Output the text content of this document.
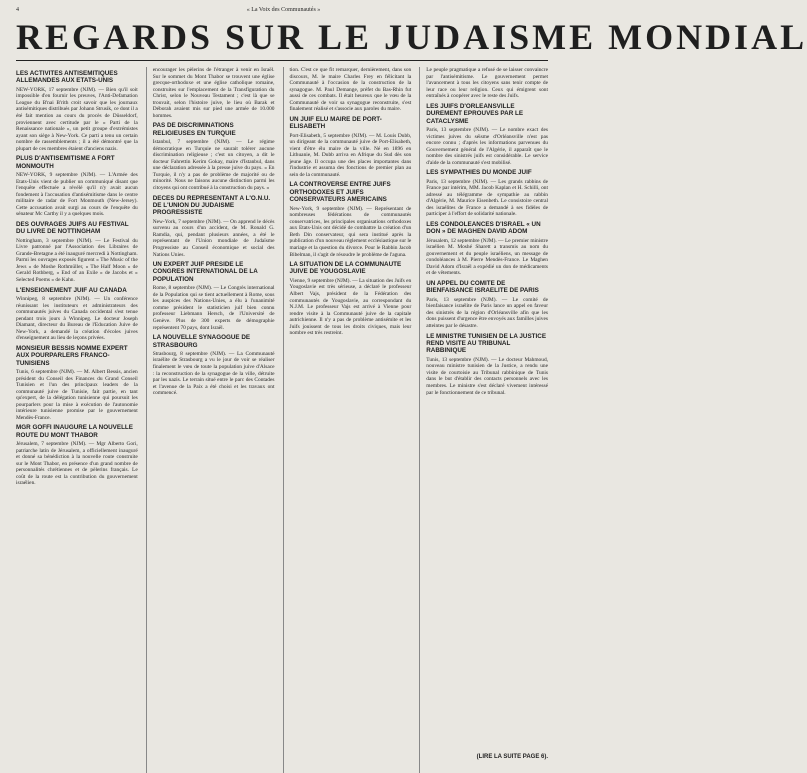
4	« La Voix des Communautés »
REGARDS SUR LE JUDAISME MONDIAL
LES ACTIVITES ANTISEMITIQUES ALLEMANDES AUX ETATS-UNIS

NEW-YORK, 17 septembre (NJM). — Bien qu'il soit impossible d'en fournir les preuves, l'Anti-Defamation League du B'nai B'rith croit savoir que les journaux antisémitiques distribués par Johann Strusik, ce dont il a été fait mention au cours du procès de Düsseldorf, proviennent avec certitude par le « Parti de la Renaissance nationale », un petit groupe d'extrémistes ayant son siège à New-York. Ce parti a tenu un certain nombre de rassemblements ; il a été démontré que la plupart de ces membres étaient d'anciens nazis.

PLUS D'ANTISEMITISME A FORT MONMOUTH

NEW-YORK, 9 septembre (NJM). — L'Armée des Etats-Unis vient de publier un communiqué disant que l'enquête effectuée a révélé qu'il n'y avait aucun fondement à l'accusation d'antisémitisme dans le centre militaire de radar de Fort Monmouth (New-Jersey). Cette accusation avait surgi au cours de l'enquête du sénateur Mc Carthy il y a quelques mois.

DES OUVRAGES JUIFS AU FESTIVAL DU LIVRE DE NOTTINGHAM

Nottingham, 3 septembre (NJM). — Le Festival du Livre patronné par l'Association des Libraires de Grande-Bretagne a été inauguré mercredi à Nottingham. Parmi les ouvrages exposés figurent « The Music of the Jews » de Moshe Rothmüller, « The Half Moon » de Gerald Rothberg, « End of an Exile » de Jacobs et « Selected Poems » de Kahn.

L'ENSEIGNEMENT JUIF AU CANADA

Winnipeg, 8 septembre (NJM). — Un conférence réunissant les instituteurs et administrateurs des communautés juives du Canada occidental s'est tenue pendant trois jours à Winnipeg. Le docteur Joseph Diamant, directeur du Bureau de l'Education Juive de New-York, a demandé la création d'écoles juives d'enseignement au lieu de leçons privées.

MONSIEUR BESSIS NOMME EXPERT AUX POURPARLERS FRANCO-TUNISIENS

Tunis, 6 septembre (NJM). — M. Albert Bessis, ancien président du Conseil des Finances du Grand Conseil Tunisien et l'un des principaux leaders de la communauté juive de Tunisie, fait partie, en tant qu'expert, de la délégation tunisienne qui poursuit les pourparlers pour la mise à exécution de l'autonomie intérieure tunisienne promise par le gouvernement Mendès-France.

MGR GOFFI INAUGURE LA NOUVELLE ROUTE DU MONT THABOR

Jérusalem, 7 septembre (NJM). — Mgr Alberto Gori, patriarche latin de Jérusalem, a officiellement inauguré et donné sa bénédiction à la nouvelle route construite sur le Mont Thabor, en présence d'un grand nombre de personnalités chrétiennes et de pèlerins français. Le coût de la route est la contribution du gouvernement israélien.

encourager les pèlerins de l'étranger à venir en Israël. Sur le sommet du Mont Thabor se trouvent une église grecque-orthodoxe et une église catholique romaine, construites sur l'emplacement de la Transfiguration du Christ, selon le Nouveau Testament ; c'est là que se trouvait, selon l'histoire juive, le lieu où Barak et Déborah avaient mis sur pied une armée de 10.000 hommes.

PAS DE DISCRIMINATIONS RELIGIEUSES EN TURQUIE

Istanbul, 7 septembre (NJM). — Le régime démocratique en Turquie ne saurait tolérer aucune discrimination religieuse ; c'est un citoyen, a dit le docteur Fahrettin Kerim Gokay, maire d'Istanbul, dans une déclaration adressée à la presse juive du pays. « En Turquie, il n'y a pas de problème de majorité ou de minorité. Nous ne faisons aucune distinction parmi les citoyens qui ont contribué à la construction du pays. »

DECES DU REPRESENTANT A L'O.N.U. DE L'UNION DU JUDAISME PROGRESSISTE

New-York, 7 septembre (NJM). — On apprend le décès survenu au cours d'un accident, de M. Ronald G. Ramdia, qui, pendant plusieurs années, a été le représentant de l'Union mondiale de Judaïsme Progressiste au Conseil économique et social des Nations Unies.

UN EXPERT JUIF PRESIDE LE CONGRES INTERNATIONAL DE LA POPULATION

Rome, 8 septembre (NJM). — Le Congrès international de la Population qui se tient actuellement à Rome, sous les auspices des Nations-Unies, a élu à l'unanimité comme président le statisticien juif bien connu professeur Liebmann Hersch, de l'Université de Genève. Plus de 300 experts de démographie représentent 70 pays, dont Israël.

LA NOUVELLE SYNAGOGUE DE STRASBOURG

Strasbourg, 8 septembre (NJM). — La Communauté israélite de Strasbourg a vu le jour de voir se réaliser finalement le vœu de toute la population juive d'Alsace : la reconstruction de la synagogue de la ville, détruite par les nazis. Le terrain situé entre le parc des Contades et l'avenue de la Paix a été choisi et les travaux ont commencé.

tion. C'est ce que fit remarquer, dernièrement, dans son discours, M. le maire Charles Frey en félicitant la Communauté à l'occasion de la construction de la synagogue. M. Paul Demange, préfet du Bas-Rhin fut aussi de ces combats. Il était heureux que le vœu de la Communauté de voir sa synagogue reconstruite, s'est finalement réalisé et s'associe aux paroles du maire.

UN JUIF ELU MAIRE DE PORT-ELISABETH

Port-Elisabeth, 5 septembre (NJM). — M. Louis Dubb, un dirigeant de la communauté juive de Port-Elisabeth, vient d'être élu maire de la ville. Né en 1896 en Lithuanie, M. Dubb arriva en Afrique du Sud dès son jeune âge. Il occupa une des places importantes dans l'industrie et assuma des fonctions de premier plan au sein de la communauté.

LA CONTROVERSE ENTRE JUIFS ORTHODOXES ET JUIFS CONSERVATEURS AMERICAINS

New-York, 9 septembre (NJM). — Représentant de nombreuses fédérations de communautés conservatrices, les principales organisations orthodoxes aux Etats-Unis ont décidé de combattre la création d'un Beth Din conservateur, qui sera institué après la publication d'un nouveau règlement ecclésiastique sur le mariage et la question du divorce. Pour le Rabbin Jacob Bibelman, il s'agit de résoudre le problème de l'aguna.

LA SITUATION DE LA COMMUNAUTE JUIVE DE YOUGOSLAVIE

Vienne, 9 septembre (NJM). — La situation des Juifs en Yougoslavie est très sérieuse, a déclaré le professeur Albert Vajs, président de la Fédération des communautés de Yougoslavie, au correspondant du N.J.M. Le professeur Vajs est arrivé à Vienne pour rendre visite à la Communauté juive de la capitale autrichienne. Il n'y a pas de problème antisémite et les Juifs jouissent de tous les droits civiques, mais leur nombre est très restreint.

Le peuple pragmatique a refusé de se laisser convaincre par l'antisémitisme. Le gouvernement permet l'avancement à tous les citoyens sans tenir compte de leur race ou leur religion. Ceux qui émigrent sont entraînés à coopérer avec le reste des Juifs.

LES JUIFS D'ORLEANSVILLE DUREMENT EPROUVES PAR LE CATACLYSME

Paris, 13 septembre (NJM). — Le nombre exact des victimes juives du séisme d'Orléansville n'est pas encore connu ; d'après les informations parvenues du Gouvernement général de l'Algérie, il apparaît que le nombre des sinistrés juifs est considérable. Le service d'aide de la communauté s'est mobilisé.

LES SYMPATHIES DU MONDE JUIF

Paris, 13 septembre (NJM). — Les grands rabbins de France par intérim, MM. Jacob Kaplan et H. Schilli, ont adressé au télégramme de sympathie au rabbin d'Algérie, M. Maurice Eisenbeth. Le consistoire central des israélites de France a demandé à ses fidèles de participer à l'effort de solidarité nationale.

LES CONDOLEANCES D'ISRAEL « UN DON » DE MAGHEN DAVID ADOM

Jérusalem, 12 septembre (NJM). — Le premier ministre israélien M. Moshé Sharett a transmis au nom du gouvernement et du peuple israéliens, un message de condoléances à M. Pierre Mendès-France. Le Maghen David Adom d'Israël a expédié un don de médicaments et de vêtements.

UN APPEL DU COMITE DE BIENFAISANCE ISRAELITE DE PARIS

Paris, 13 septembre (NJM). — Le comité de bienfaisance israélite de Paris lance un appel en faveur des sinistrés de la région d'Orléansville afin que les dons puissent d'urgence être envoyés aux familles juives atteintes par le désastre.

LE MINISTRE TUNISIEN DE LA JUSTICE REND VISITE AU TRIBUNAL RABBINIQUE

Tunis, 13 septembre (NJM). — Le docteur Mahmoud, nouveau ministre tunisien de la Justice, a rendu une visite de courtoisie au Tribunal rabbinique de Tunis dans le but d'établir des contacts personnels avec les membres. Le ministre s'est déclaré vivement intéressé par le fonctionnement de ce tribunal.

(LIRE LA SUITE PAGE 6).
